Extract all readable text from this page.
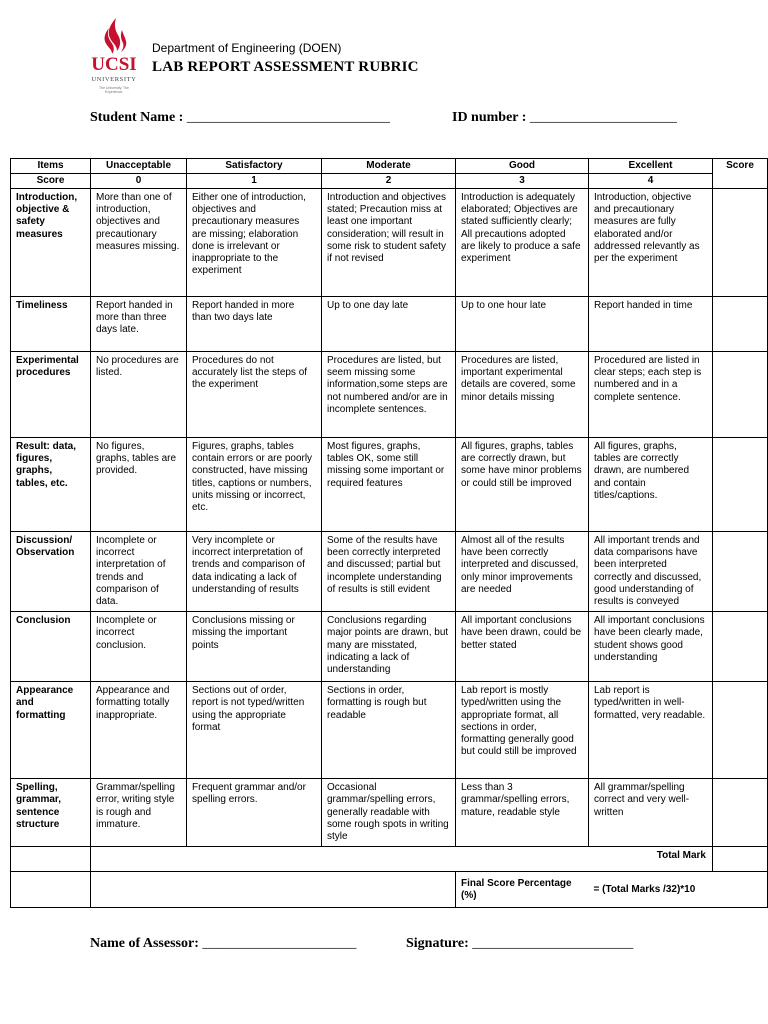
UCSI
UNIVERSITY
The University. The Experience.
Department of Engineering (DOEN)
LAB REPORT ASSESSMENT RUBRIC
Student Name : _____________________________	ID number : _____________________
Items	Unacceptable	Satisfactory	Moderate	Good	Excellent	Score
Score	0	1	2	3	4	
Introduction, objective & safety measures	More than one of introduction, objectives and precautionary measures missing.	Either one of introduction, objectives and precautionary measures are missing; elaboration done is irrelevant or inappropriate to the experiment	Introduction and objectives stated; Precaution miss at least one important consideration; will result in some risk to student safety if not revised	Introduction is adequately elaborated; Objectives are stated sufficiently clearly; All precautions adopted are likely to produce a safe experiment	Introduction, objective and precautionary measures are fully elaborated and/or addressed relevantly as per the experiment	
Timeliness	Report handed in more than three days late.	Report handed in more than two days late	Up to one day late	Up to one hour late	Report handed in time	
Experimental procedures	No procedures are listed.	Procedures do not accurately list the steps of the experiment	Procedures are listed, but seem missing some information,some steps are not numbered and/or are in incomplete sentences.	Procedures are listed, important experimental details are covered, some minor details missing	Procedured are listed in clear steps; each step is numbered and in a complete sentence.	
Result: data, figures, graphs, tables, etc.	No figures, graphs, tables are provided.	Figures, graphs, tables contain errors or are poorly constructed, have missing titles, captions or numbers, units missing or incorrect, etc.	Most figures, graphs, tables OK, some still missing some important or required features	All figures, graphs, tables are correctly drawn, but some have minor problems or could still be improved	All figures, graphs, tables are correctly drawn, are numbered and contain titles/captions.	
Discussion/ Observation	Incomplete or incorrect interpretation of trends and comparison of data.	Very incomplete or incorrect interpretation of trends and comparison of data indicating a lack of understanding of results	Some of the results have been correctly interpreted and discussed; partial but incomplete understanding of results is still evident	Almost all of the results have been correctly interpreted and discussed, only minor improvements are needed	All important trends and data comparisons have been interpreted correctly and discussed, good understanding of results is conveyed	
Conclusion	Incomplete or incorrect conclusion.	Conclusions missing or missing the important points	Conclusions regarding major points are drawn, but many are misstated, indicating a lack of understanding	All important conclusions have been drawn, could be better stated	All important conclusions have been clearly made, student shows good understanding	
Appearance and formatting	Appearance and formatting totally inappropriate.	Sections out of order, report is not typed/written using the appropriate format	Sections in order, formatting is rough but readable	Lab report is mostly typed/written using the appropriate format, all sections in order, formatting generally good but could still be improved	Lab report is typed/written in well-formatted, very readable.	
Spelling, grammar, sentence structure	Grammar/spelling error, writing style is rough and immature.	Frequent grammar and/or spelling errors.	Occasional grammar/spelling errors, generally readable with some rough spots in writing style	Less than 3 grammar/spelling errors, mature, readable style	All grammar/spelling correct and very well-written	
	Total Mark					
				Final Score Percentage (%)	= (Total Marks /32)*10	
Name of Assessor: ______________________	Signature: _______________________
